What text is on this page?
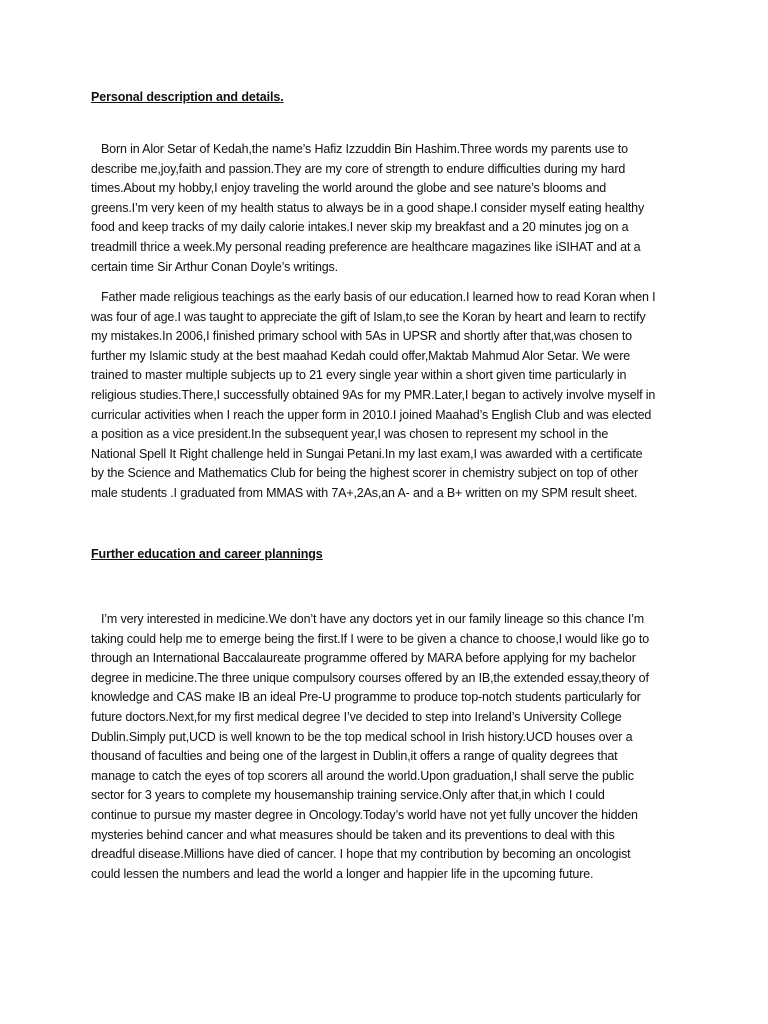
Personal description and details.

Born in Alor Setar of Kedah,the name’s Hafiz Izzuddin Bin Hashim.Three words my parents use to
describe me,joy,faith and passion.They are my core of strength to endure difficulties during my hard
times.About my hobby,I enjoy traveling the world around the globe and see nature’s blooms and
greens.I’m very keen of my health status to always be in a good shape.I consider myself eating healthy
food and keep tracks of my daily calorie intakes.I never skip my breakfast and a 20 minutes jog on a
treadmill thrice a week.My personal reading preference are healthcare magazines like iSIHAT and at a
certain time Sir Arthur Conan Doyle’s writings.

Father made religious teachings as the early basis of our education.I learned how to read Koran when I
was four of age.I was taught to appreciate the gift of Islam,to see the Koran by heart and learn to rectify
my mistakes.In 2006,I finished primary school with 5As in UPSR and shortly after that,was chosen to
further my Islamic study at the best maahad Kedah could offer,Maktab Mahmud Alor Setar. We were
trained to master multiple subjects up to 21 every single year within a short given time particularly in
religious studies.There,I successfully obtained 9As for my PMR.Later,I began to actively involve myself in
curricular activities when I reach the upper form in 2010.I joined Maahad’s English Club and was elected
a position as a vice president.In the subsequent year,I was chosen to represent my school in the
National Spell It Right challenge held in Sungai Petani.In my last exam,I was awarded with a certificate
by the Science and Mathematics Club for being the highest scorer in chemistry subject on top of other
male students .I graduated from MMAS with 7A+,2As,an A- and a B+ written on my SPM result sheet.

Further education and career plannings

I’m very interested in medicine.We don’t have any doctors yet in our family lineage so this chance I’m
taking could help me to emerge being the first.If I were to be given a chance to choose,I would like go to
through an International Baccalaureate programme offered by MARA before applying for my bachelor
degree in medicine.The three unique compulsory courses offered by an IB,the extended essay,theory of
knowledge and CAS make IB an ideal Pre-U programme to produce top-notch students particularly for
future doctors.Next,for my first medical degree I’ve decided to step into Ireland’s University College
Dublin.Simply put,UCD is well known to be the top medical school in Irish history.UCD houses over a
thousand of faculties and being one of the largest in Dublin,it offers a range of quality degrees that
manage to catch the eyes of top scorers all around the world.Upon graduation,I shall serve the public
sector for 3 years to complete my housemanship training service.Only after that,in which I could
continue to pursue my master degree in Oncology.Today’s world have not yet fully uncover the hidden
mysteries behind cancer and what measures should be taken and its preventions to deal with this
dreadful disease.Millions have died of cancer. I hope that my contribution by becoming an oncologist
could lessen the numbers and lead the world a longer and happier life in the upcoming future.
